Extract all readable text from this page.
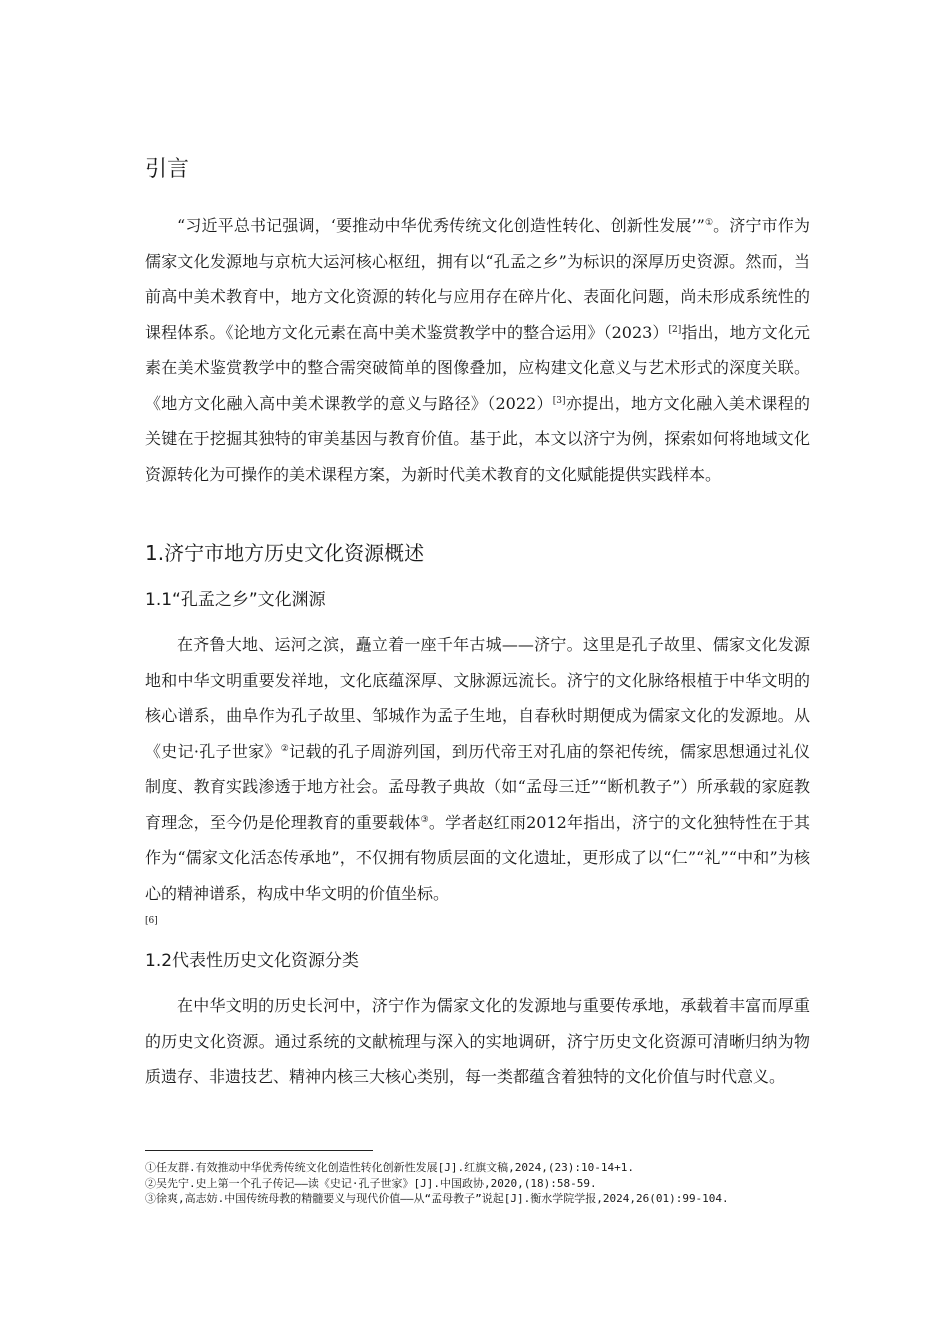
引言

“习近平总书记强调，‘要推动中华优秀传统文化创造性转化、创新性发展’”①。济宁市作为儒家文化发源地与京杭大运河核心枢纽，拥有以“孔孟之乡”为标识的深厚历史资源。然而，当前高中美术教育中，地方文化资源的转化与应用存在碎片化、表面化问题，尚未形成系统性的课程体系。《论地方文化元素在高中美术鉴赏教学中的整合运用》（2023）[2]指出，地方文化元素在美术鉴赏教学中的整合需突破简单的图像叠加，应构建文化意义与艺术形式的深度关联。《地方文化融入高中美术课教学的意义与路径》（2022）[3]亦提出，地方文化融入美术课程的关键在于挖掘其独特的审美基因与教育价值。基于此，本文以济宁为例，探索如何将地域文化资源转化为可操作的美术课程方案，为新时代美术教育的文化赋能提供实践样本。

1.济宁市地方历史文化资源概述
1.1“孔孟之乡”文化渊源

在齐鲁大地、运河之滨，矗立着一座千年古城——济宁。这里是孔子故里、儒家文化发源地和中华文明重要发祥地，文化底蕴深厚、文脉源远流长。济宁的文化脉络根植于中华文明的核心谱系，曲阜作为孔子故里、邹城作为孟子生地，自春秋时期便成为儒家文化的发源地。从《史记·孔子世家》②记载的孔子周游列国，到历代帝王对孔庙的祭祀传统，儒家思想通过礼仪制度、教育实践渗透于地方社会。孟母教子典故（如“孟母三迁”“断机教子”）所承载的家庭教育理念，至今仍是伦理教育的重要载体③。学者赵红雨2012年指出，济宁的文化独特性在于其作为“儒家文化活态传承地”，不仅拥有物质层面的文化遗址，更形成了以“仁”“礼”“中和”为核心的精神谱系，构成中华文明的价值坐标。
[6]

1.2代表性历史文化资源分类

在中华文明的历史长河中，济宁作为儒家文化的发源地与重要传承地，承载着丰富而厚重的历史文化资源。通过系统的文献梳理与深入的实地调研，济宁历史文化资源可清晰归纳为物质遗存、非遗技艺、精神内核三大核心类别，每一类都蕴含着独特的文化价值与时代意义。

①任友群.有效推动中华优秀传统文化创造性转化创新性发展[J].红旗文稿,2024,(23):10-14+1.

②吴先宁.史上第一个孔子传记——读《史记·孔子世家》[J].中国政协,2020,(18):58-59.

③徐爽,高志妨.中国传统母教的精髓要义与现代价值——从“孟母教子”说起[J].衡水学院学报,2024,26(01):99-104.
